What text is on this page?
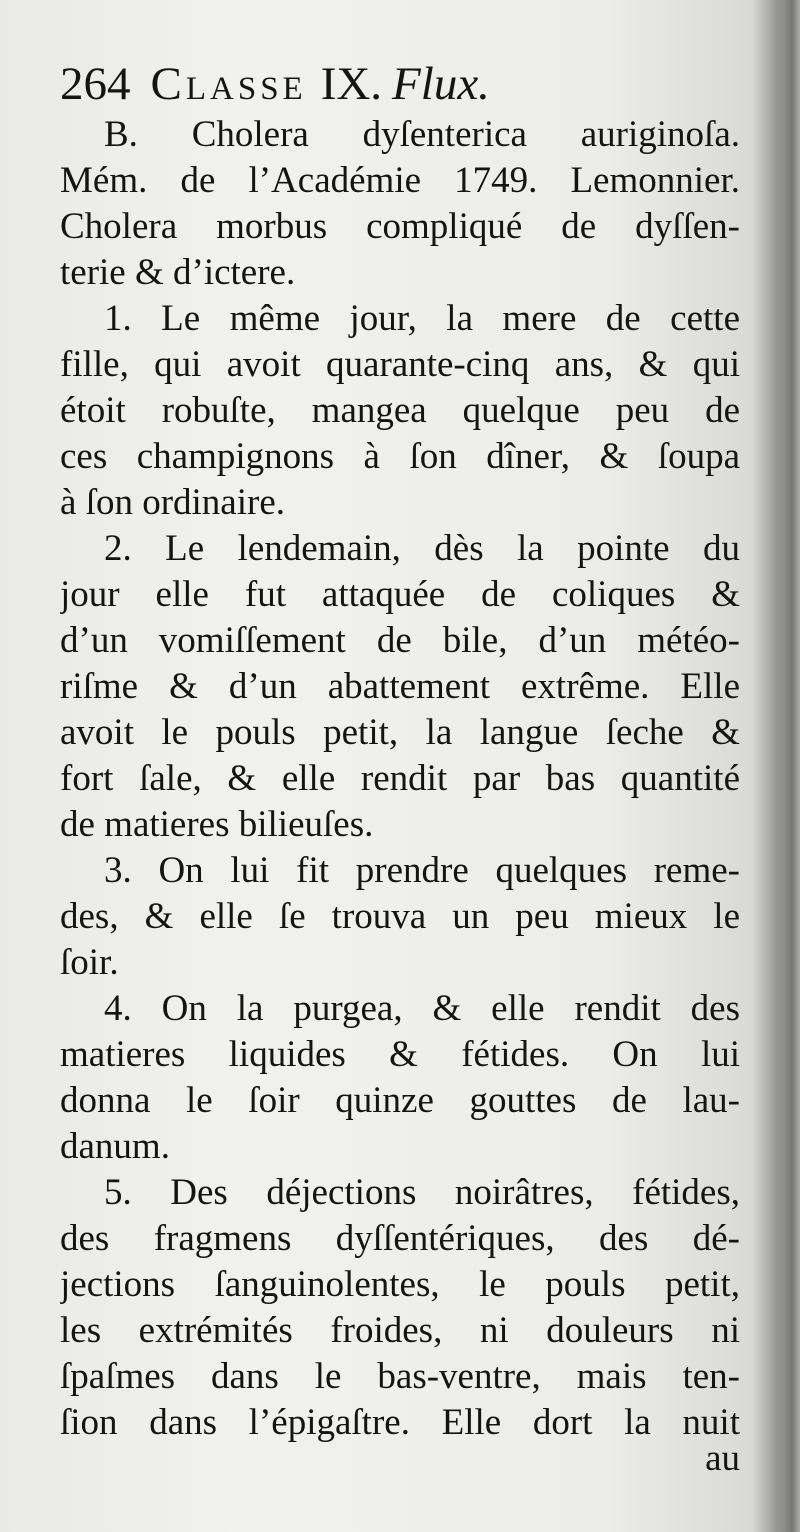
264 Classe IX. Flux.
B. Cholera dyſenterica auriginoſa.
Mém. de l’Académie 1749. Lemonnier.
Cholera morbus compliqué de dyſſen-
terie & d’ictere.
1. Le même jour, la mere de cette
fille, qui avoit quarante-cinq ans, & qui
étoit robuſte, mangea quelque peu de
ces champignons à ſon dîner, & ſoupa
à ſon ordinaire.
2. Le lendemain, dès la pointe du
jour elle fut attaquée de coliques &
d’un vomiſſement de bile, d’un météo-
riſme & d’un abattement extrême. Elle
avoit le pouls petit, la langue ſeche &
fort ſale, & elle rendit par bas quantité
de matieres bilieuſes.
3. On lui fit prendre quelques reme-
des, & elle ſe trouva un peu mieux le
ſoir.
4. On la purgea, & elle rendit des
matieres liquides & fétides. On lui
donna le ſoir quinze gouttes de lau-
danum.
5. Des déjections noirâtres, fétides,
des fragmens dyſſentériques, des dé-
jections ſanguinolentes, le pouls petit,
les extrémités froides, ni douleurs ni
ſpaſmes dans le bas-ventre, mais ten-
ſion dans l’épigaſtre. Elle dort la nuit
au
